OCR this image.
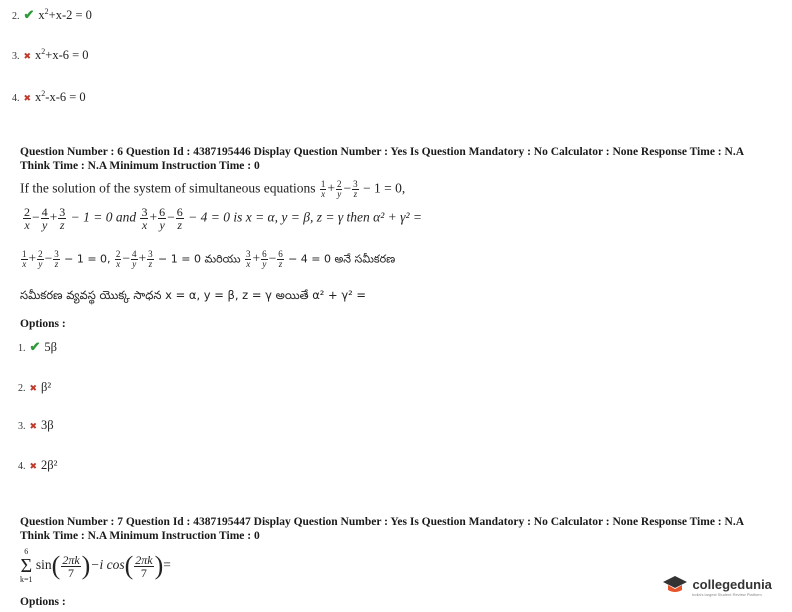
2. ✔ $x^2+x-2 = 0$
3. ✖ $x^2+x-6 = 0$
4. ✖ $x^2-x-6 = 0$
Question Number : 6 Question Id : 4387195446 Display Question Number : Yes Is Question Mandatory : No Calculator : None Response Time : N.A
Think Time : N.A Minimum Instruction Time : 0
If the solution of the system of simultaneous equations $\frac{1}{x} + \frac{2}{y} - \frac{3}{z} - 1 = 0$,
$\frac{2}{x} - \frac{4}{y} + \frac{3}{z} - 1 = 0$ and $\frac{3}{x} + \frac{6}{y} - \frac{6}{z} - 4 = 0$ is x = α, y = β, z = γ then α² + γ² =
$\frac{1}{x} + \frac{2}{y} - \frac{3}{z} - 1 = 0$, $\frac{2}{x} - \frac{4}{y} + \frac{3}{z} - 1 = 0$ మరియు $\frac{3}{x} + \frac{6}{y} - \frac{6}{z} - 4 = 0$ అనే సమీకరణ
సమీకరణ వ్యవస్థ యొక్క సాధన x = α, y = β, z = γ అయితే α² + γ² =
Options :
1. ✔ 5β
2. ✖ β²
3. ✖ 3β
4. ✖ 2β²
Question Number : 7 Question Id : 4387195447 Display Question Number : Yes Is Question Mandatory : No Calculator : None Response Time : N.A
Think Time : N.A Minimum Instruction Time : 0
6
Σ
k=1
$\sin( \frac{2\pi k}{7} )-i$ $\cos( \frac{2\pi k}{7}$ )=
Options :
collegedunia
India's largest Student Review Platform
